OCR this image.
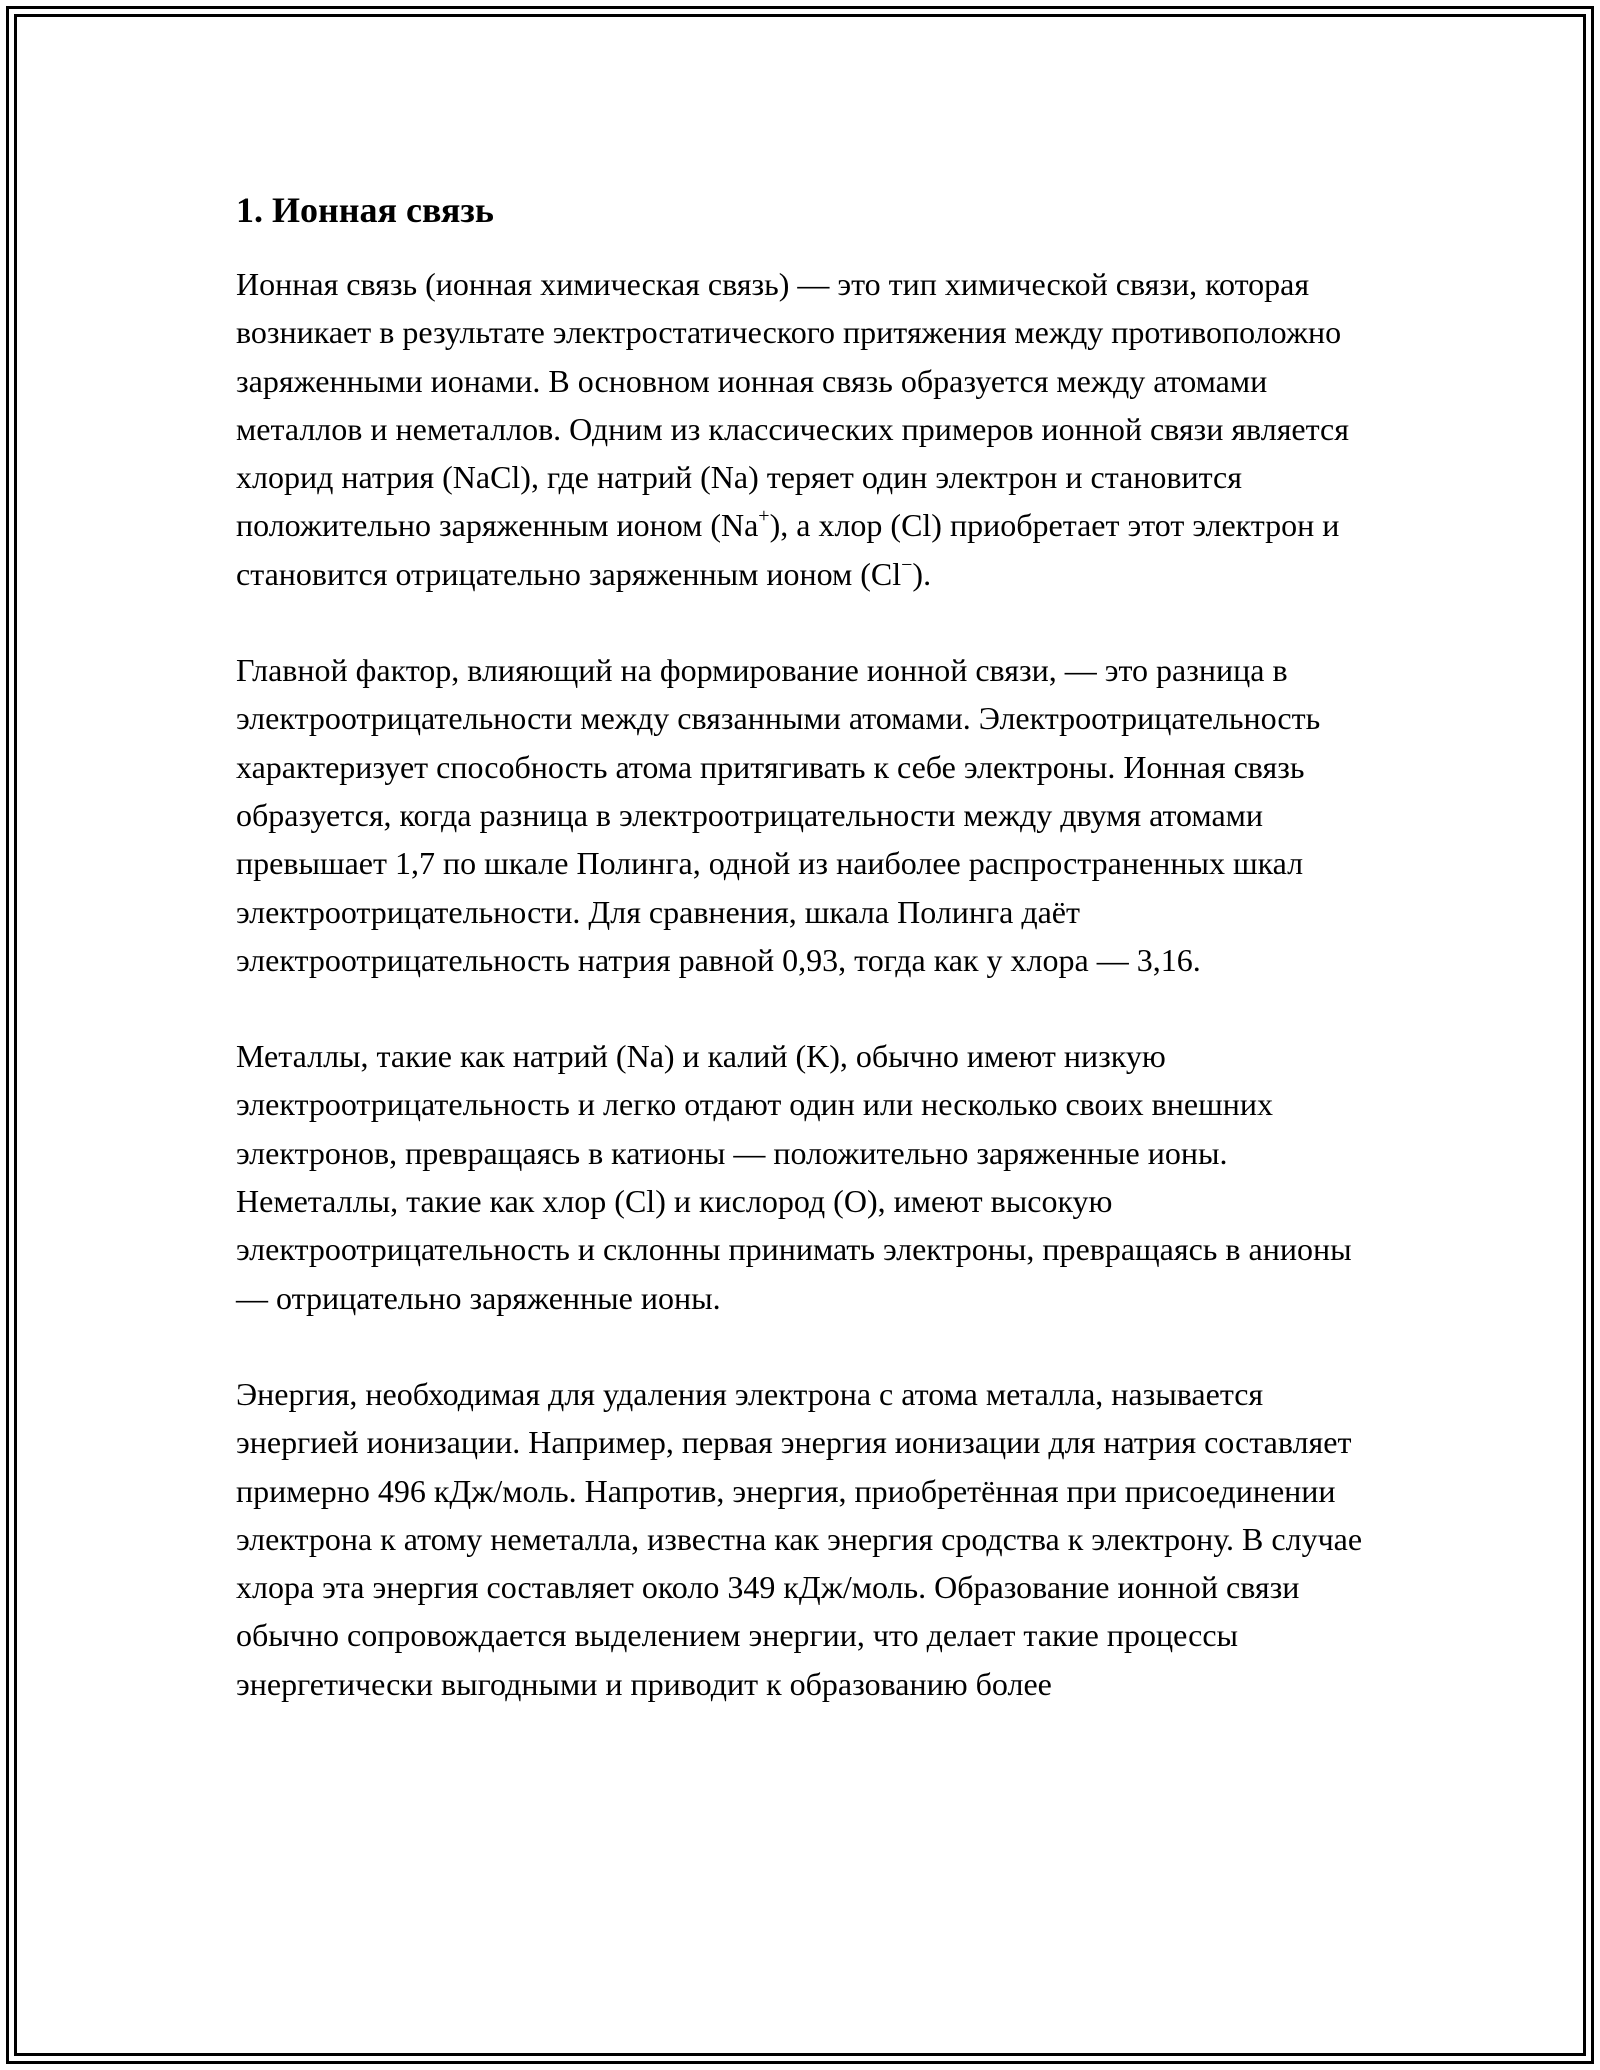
1. Ионная связь

Ионная связь (ионная химическая связь) — это тип химической связи, которая возникает в результате электростатического притяжения между противоположно заряженными ионами. В основном ионная связь образуется между атомами металлов и неметаллов. Одним из классических примеров ионной связи является хлорид натрия (NaCl), где натрий (Na) теряет один электрон и становится положительно заряженным ионом (Na+), а хлор (Cl) приобретает этот электрон и становится отрицательно заряженным ионом (Cl−).

Главной фактор, влияющий на формирование ионной связи, — это разница в электроотрицательности между связанными атомами. Электроотрицательность характеризует способность атома притягивать к себе электроны. Ионная связь образуется, когда разница в электроотрицательности между двумя атомами превышает 1,7 по шкале Полинга, одной из наиболее распространенных шкал электроотрицательности. Для сравнения, шкала Полинга даёт электроотрицательность натрия равной 0,93, тогда как у хлора — 3,16.

Металлы, такие как натрий (Na) и калий (K), обычно имеют низкую электроотрицательность и легко отдают один или несколько своих внешних электронов, превращаясь в катионы — положительно заряженные ионы. Неметаллы, такие как хлор (Cl) и кислород (O), имеют высокую электроотрицательность и склонны принимать электроны, превращаясь в анионы — отрицательно заряженные ионы.

Энергия, необходимая для удаления электрона с атома металла, называется энергией ионизации. Например, первая энергия ионизации для натрия составляет примерно 496 кДж/моль. Напротив, энергия, приобретённая при присоединении электрона к атому неметалла, известна как энергия сродства к электрону. В случае хлора эта энергия составляет около 349 кДж/моль. Образование ионной связи обычно сопровождается выделением энергии, что делает такие процессы энергетически выгодными и приводит к образованию более
